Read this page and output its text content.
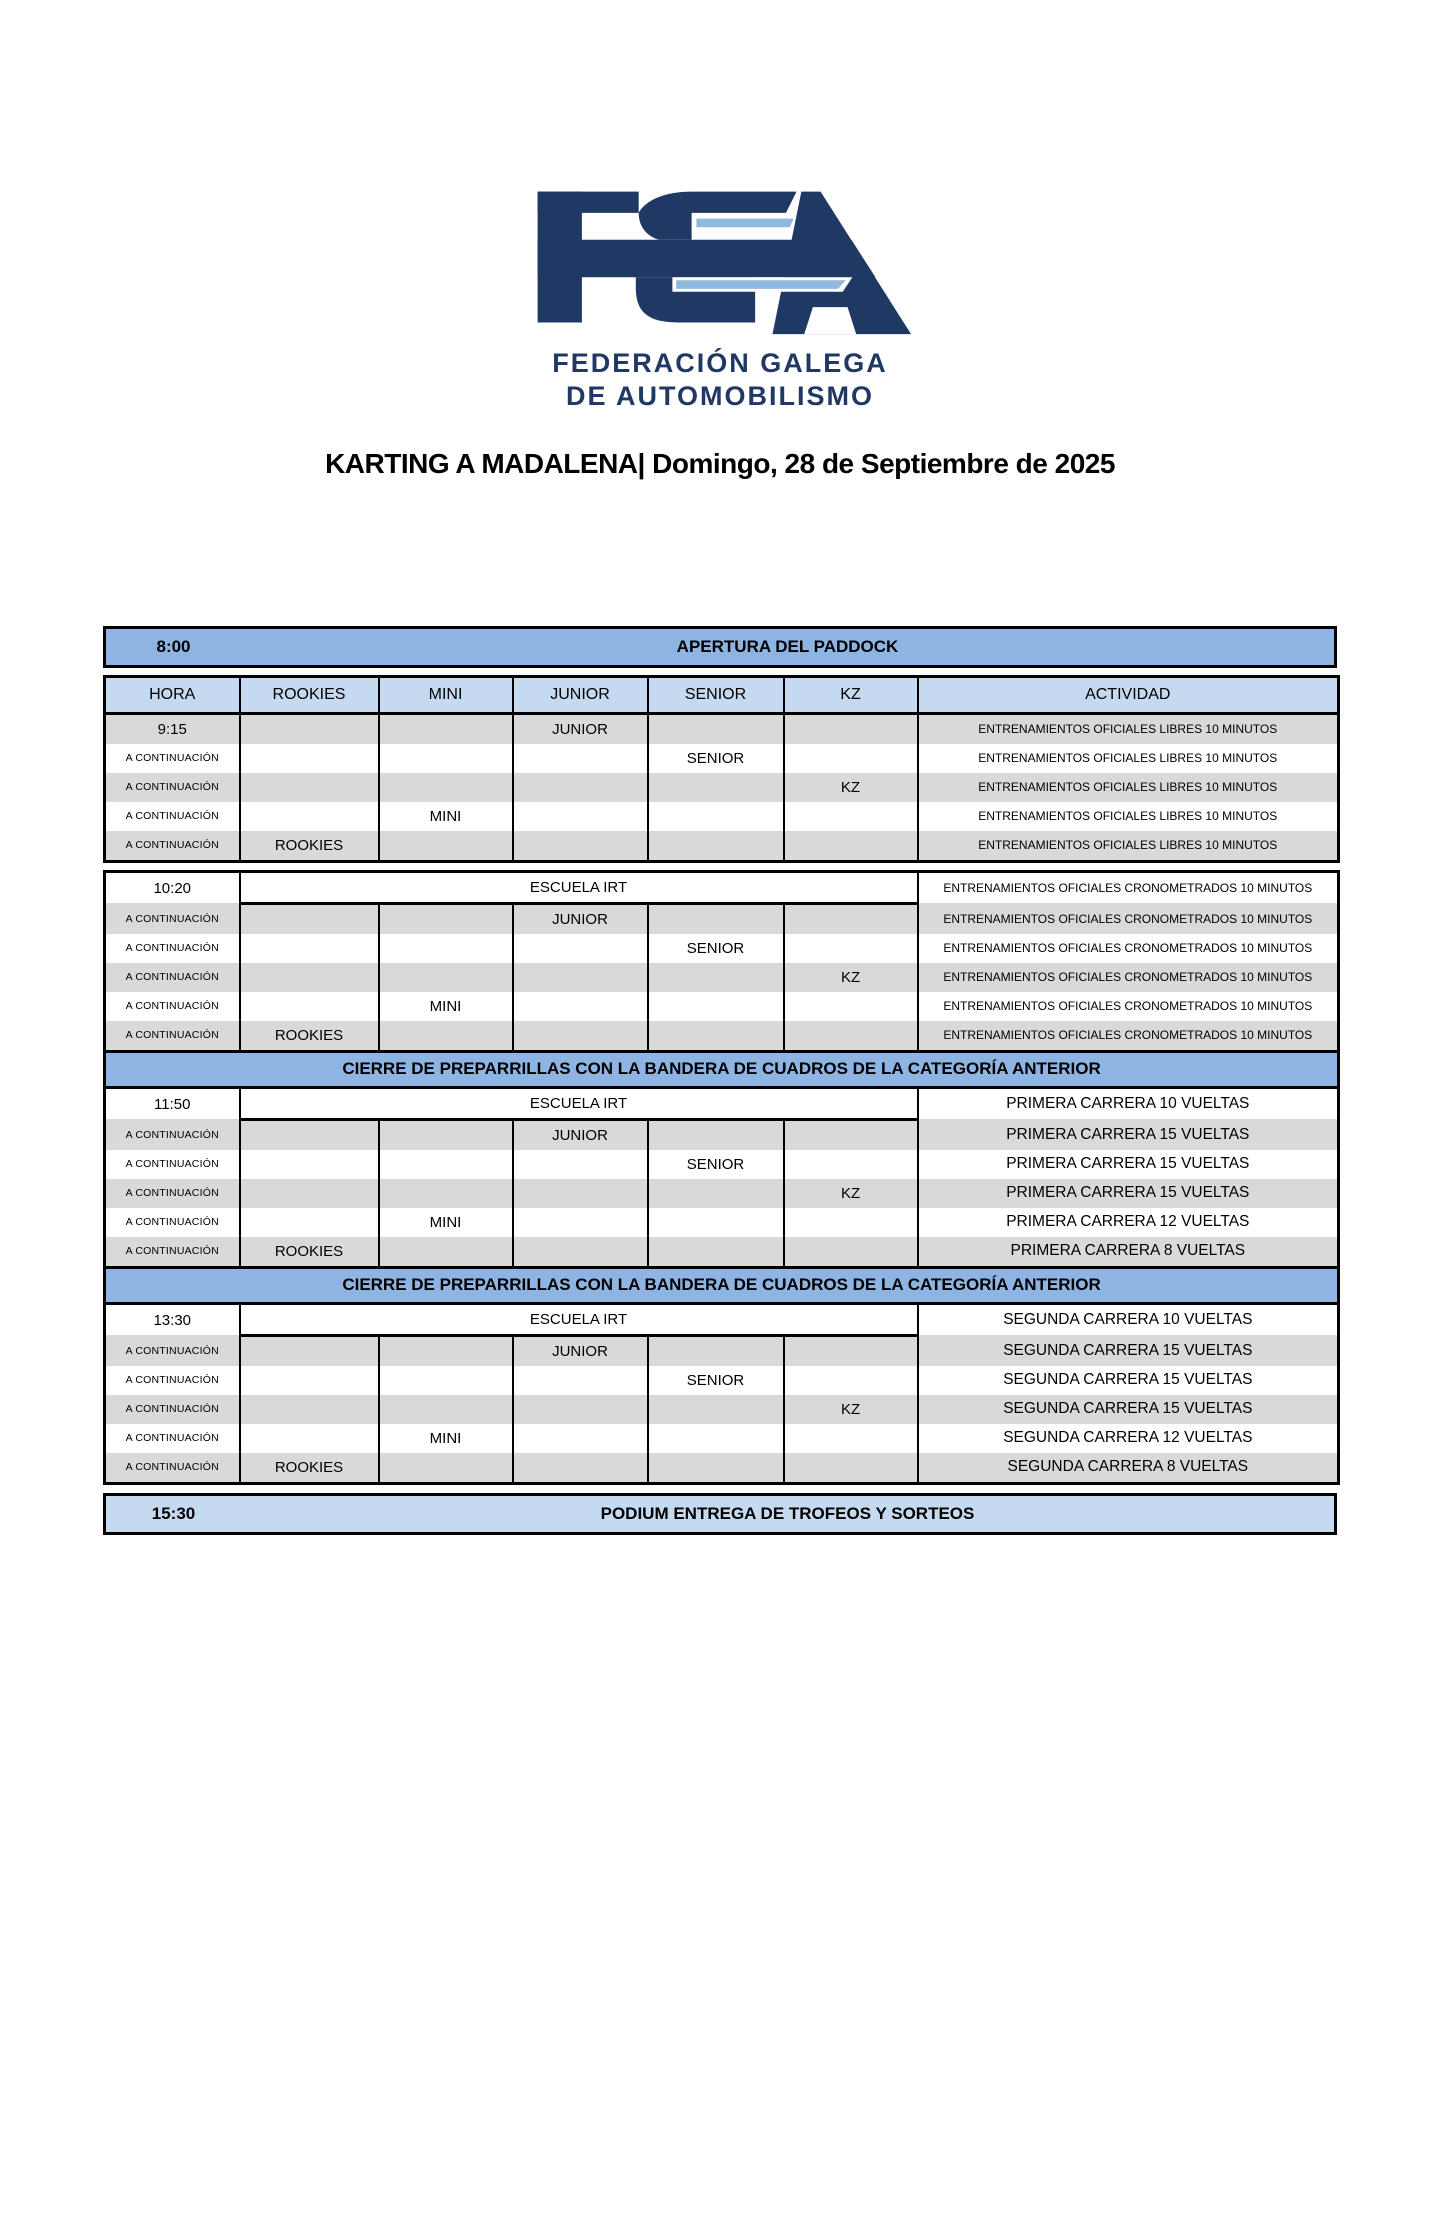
FEDERACIÓN GALEGA
DE AUTOMOBILISMO
KARTING A MADALENA| Domingo, 28 de Septiembre de 2025
8:00	APERTURA DEL PADDOCK
HORA	ROOKIES	MINI	JUNIOR	SENIOR	KZ	ACTIVIDAD
9:15			JUNIOR			ENTRENAMIENTOS OFICIALES LIBRES 10 MINUTOS
A CONTINUACIÓN				SENIOR		ENTRENAMIENTOS OFICIALES LIBRES 10 MINUTOS
A CONTINUACIÓN					KZ	ENTRENAMIENTOS OFICIALES LIBRES 10 MINUTOS
A CONTINUACIÓN		MINI				ENTRENAMIENTOS OFICIALES LIBRES 10 MINUTOS
A CONTINUACIÓN	ROOKIES					ENTRENAMIENTOS OFICIALES LIBRES 10 MINUTOS
10:20	ESCUELA IRT					ENTRENAMIENTOS OFICIALES CRONOMETRADOS 10 MINUTOS
A CONTINUACIÓN			JUNIOR			ENTRENAMIENTOS OFICIALES CRONOMETRADOS 10 MINUTOS
A CONTINUACIÓN				SENIOR		ENTRENAMIENTOS OFICIALES CRONOMETRADOS 10 MINUTOS
A CONTINUACIÓN					KZ	ENTRENAMIENTOS OFICIALES CRONOMETRADOS 10 MINUTOS
A CONTINUACIÓN		MINI				ENTRENAMIENTOS OFICIALES CRONOMETRADOS 10 MINUTOS
A CONTINUACIÓN	ROOKIES					ENTRENAMIENTOS OFICIALES CRONOMETRADOS 10 MINUTOS
CIERRE DE PREPARRILLAS CON LA BANDERA DE CUADROS DE LA CATEGORÍA ANTERIOR						
11:50	ESCUELA IRT					PRIMERA CARRERA 10 VUELTAS
A CONTINUACIÓN			JUNIOR			PRIMERA CARRERA 15 VUELTAS
A CONTINUACIÓN				SENIOR		PRIMERA CARRERA 15 VUELTAS
A CONTINUACIÓN					KZ	PRIMERA CARRERA 15 VUELTAS
A CONTINUACIÓN		MINI				PRIMERA CARRERA 12 VUELTAS
A CONTINUACIÓN	ROOKIES					PRIMERA CARRERA 8 VUELTAS
CIERRE DE PREPARRILLAS CON LA BANDERA DE CUADROS DE LA CATEGORÍA ANTERIOR						
13:30	ESCUELA IRT					SEGUNDA CARRERA 10 VUELTAS
A CONTINUACIÓN			JUNIOR			SEGUNDA CARRERA 15 VUELTAS
A CONTINUACIÓN				SENIOR		SEGUNDA CARRERA 15 VUELTAS
A CONTINUACIÓN					KZ	SEGUNDA CARRERA 15 VUELTAS
A CONTINUACIÓN		MINI				SEGUNDA CARRERA 12 VUELTAS
A CONTINUACIÓN	ROOKIES					SEGUNDA CARRERA 8 VUELTAS
15:30	PODIUM ENTREGA DE TROFEOS Y SORTEOS
